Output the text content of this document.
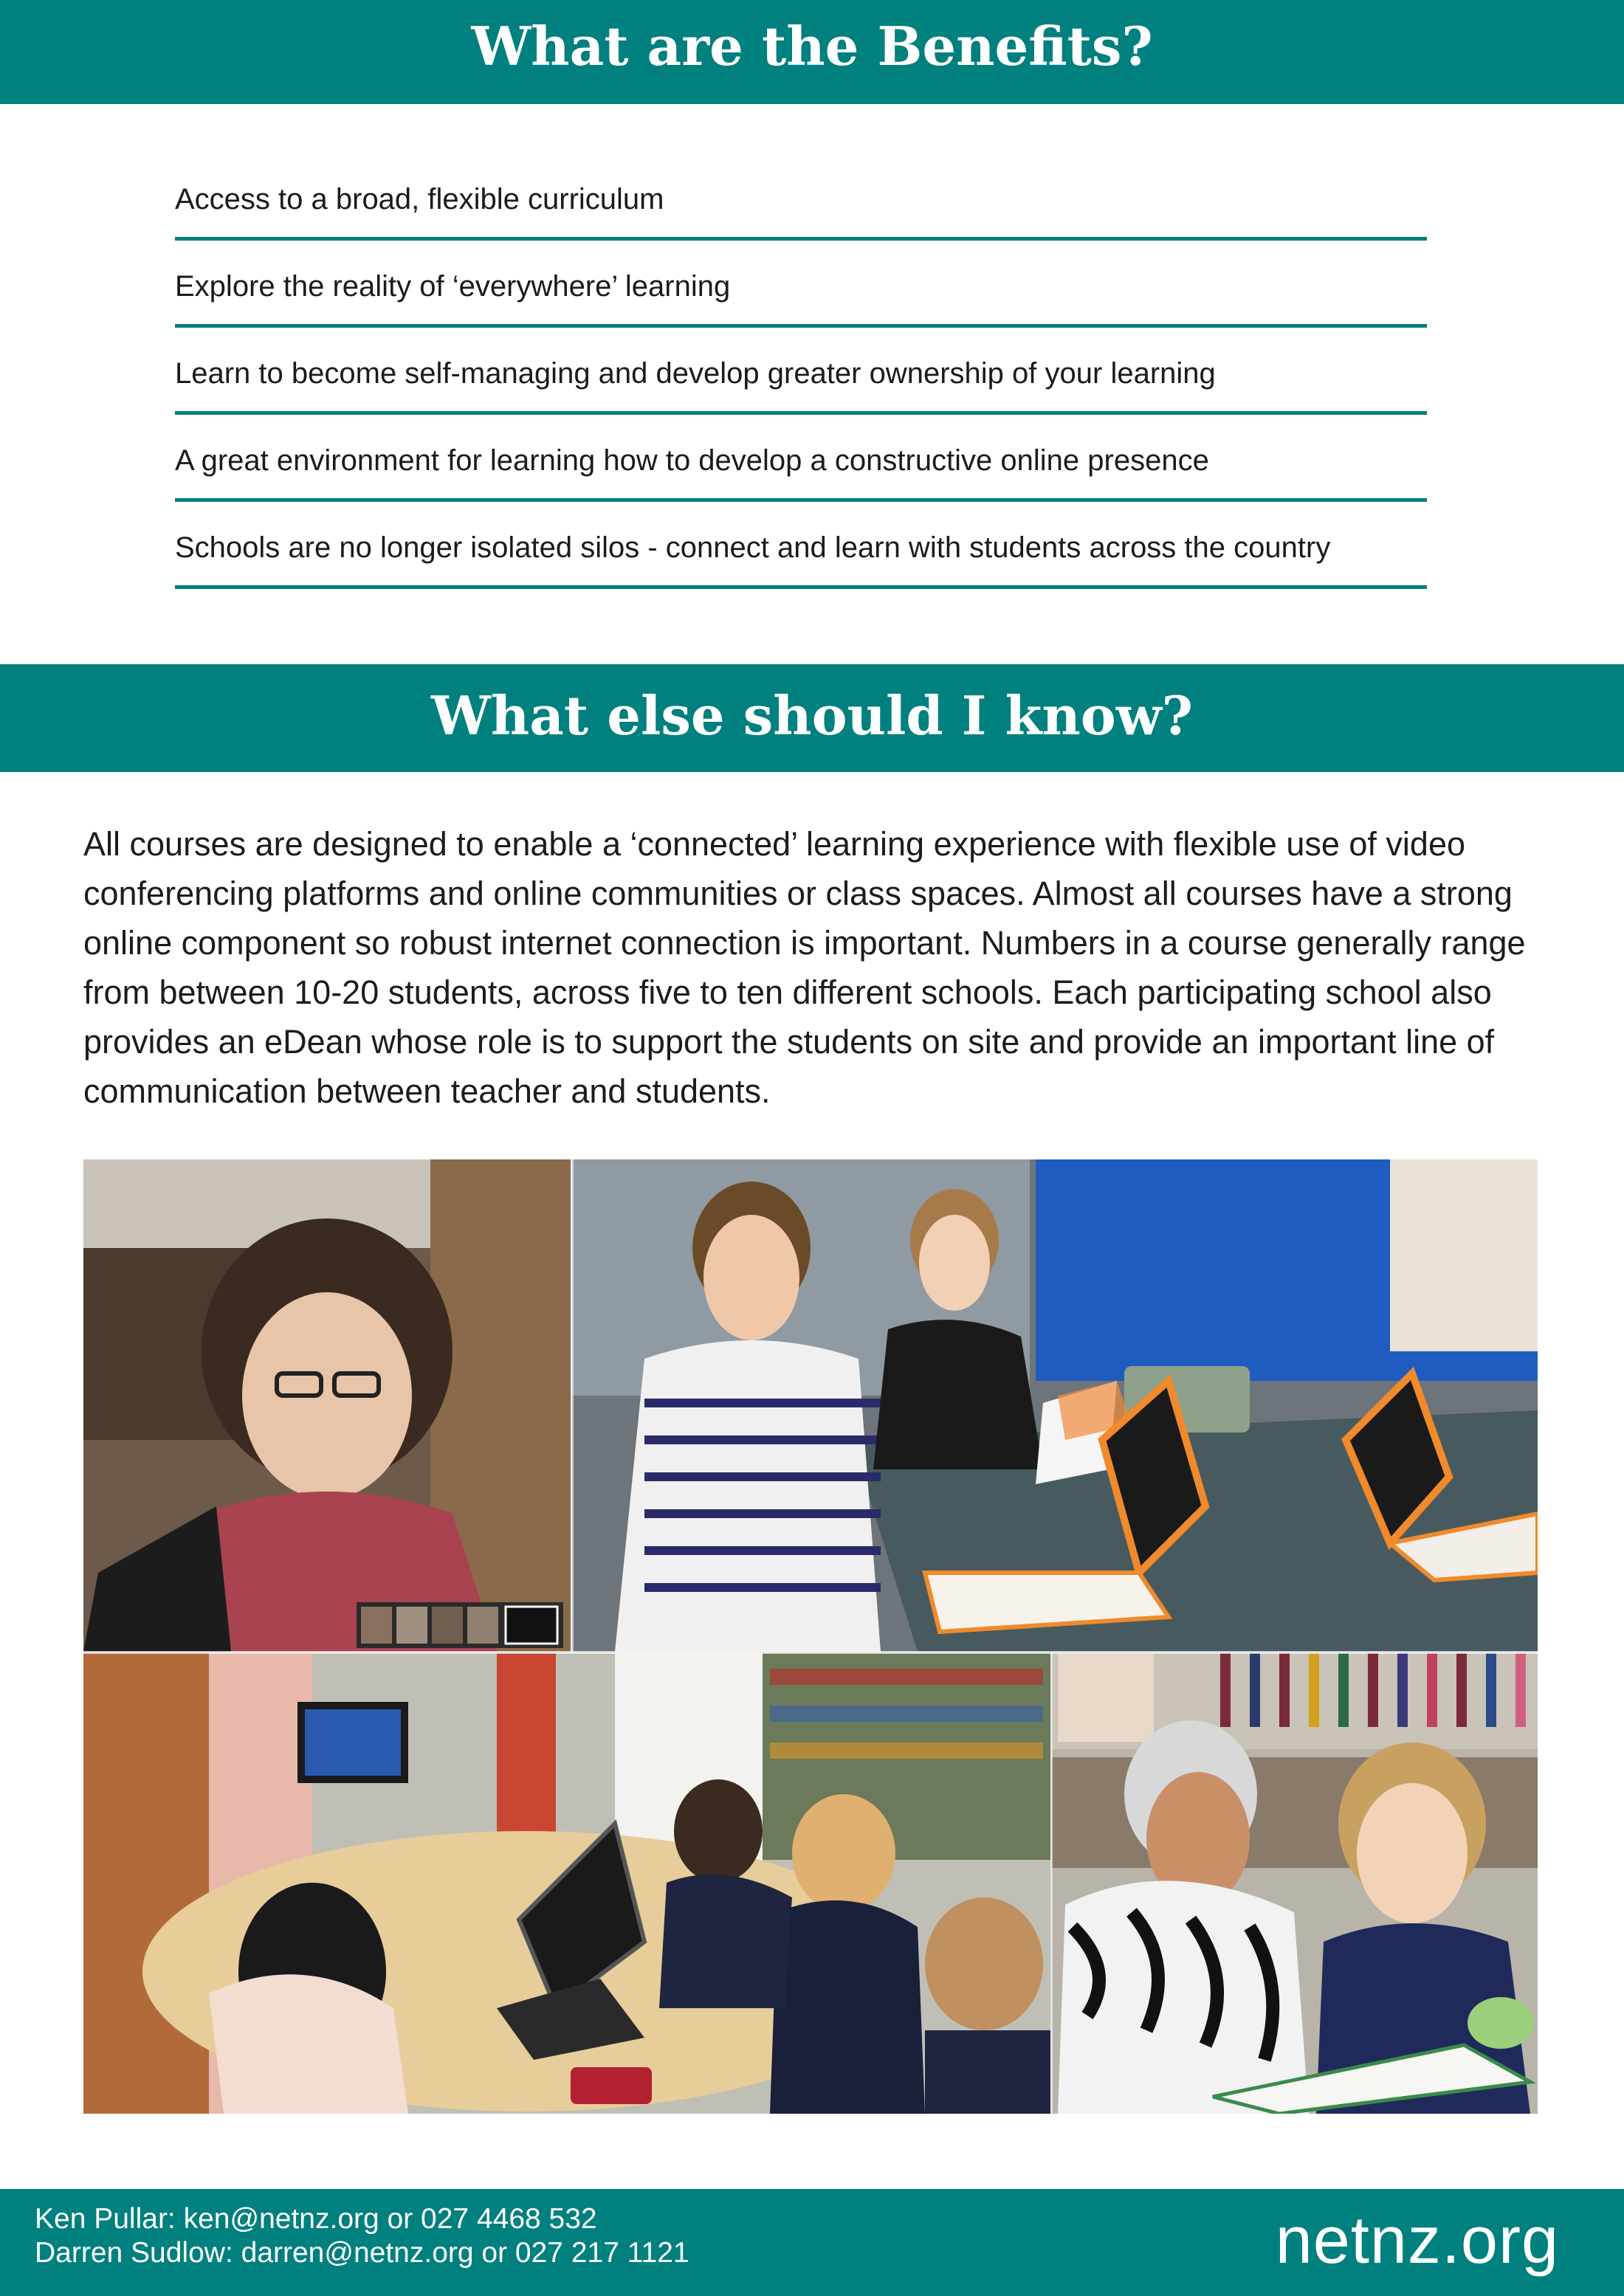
What are the Benefits?
Access to a broad, flexible curriculum
Explore the reality of ‘everywhere’ learning
Learn to become self-managing and develop greater ownership of your learning
A great environment for learning how to develop a constructive online presence
Schools are no longer isolated silos - connect and learn with students across the country
What else should I know?

All courses are designed to enable a ‘connected’ learning experience with flexible use of video conferencing platforms and online communities or class spaces. Almost all courses have a strong online component so robust internet connection is important. Numbers in a course generally range from between 10-20 students, across five to ten different schools. Each participating school also provides an eDean whose role is to support the students on site and provide an important line of communication between teacher and students.

Ken Pullar: ken@netnz.org or 027 4468 532
Darren Sudlow: darren@netnz.org or 027 217 1121	netnz.org
